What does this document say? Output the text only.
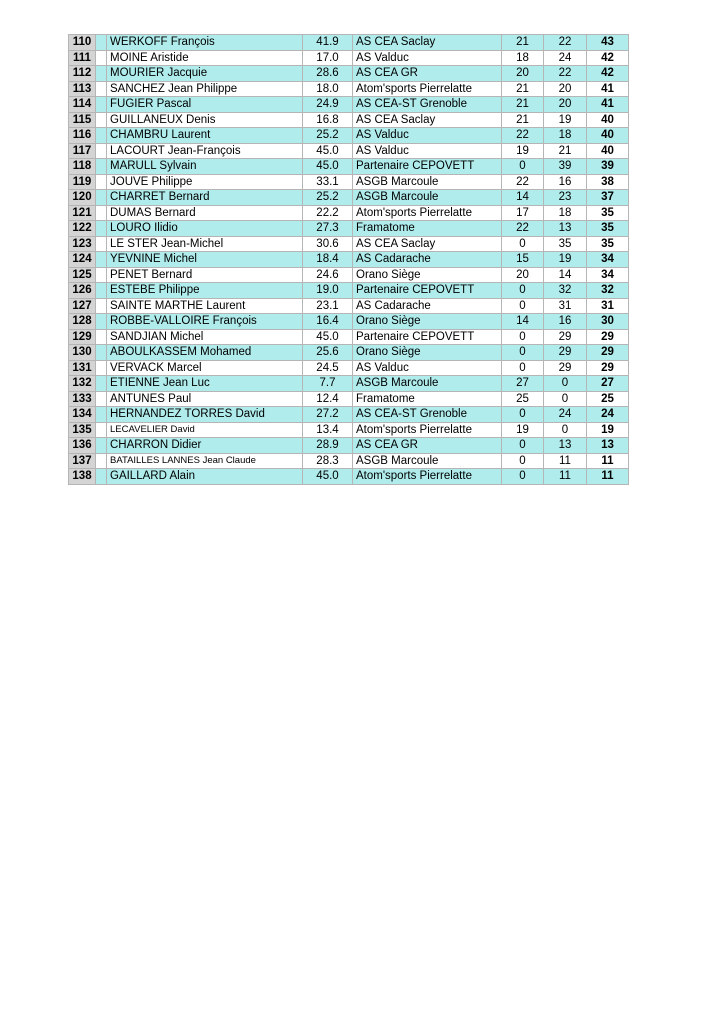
110		WERKOFF François	41.9	AS CEA Saclay	21	22	43
111		MOINE Aristide	17.0	AS Valduc	18	24	42
112		MOURIER Jacquie	28.6	AS CEA GR	20	22	42
113		SANCHEZ Jean Philippe	18.0	Atom'sports Pierrelatte	21	20	41
114		FUGIER Pascal	24.9	AS CEA-ST Grenoble	21	20	41
115		GUILLANEUX Denis	16.8	AS CEA Saclay	21	19	40
116		CHAMBRU Laurent	25.2	AS Valduc	22	18	40
117		LACOURT Jean-François	45.0	AS Valduc	19	21	40
118		MARULL Sylvain	45.0	Partenaire CEPOVETT	0	39	39
119		JOUVE Philippe	33.1	ASGB Marcoule	22	16	38
120		CHARRET Bernard	25.2	ASGB Marcoule	14	23	37
121		DUMAS Bernard	22.2	Atom'sports Pierrelatte	17	18	35
122		LOURO Ilidio	27.3	Framatome	22	13	35
123		LE STER Jean-Michel	30.6	AS CEA Saclay	0	35	35
124		YEVNINE Michel	18.4	AS Cadarache	15	19	34
125		PENET Bernard	24.6	Orano Siège	20	14	34
126		ESTEBE Philippe	19.0	Partenaire CEPOVETT	0	32	32
127		SAINTE MARTHE Laurent	23.1	AS Cadarache	0	31	31
128		ROBBE-VALLOIRE François	16.4	Orano Siège	14	16	30
129		SANDJIAN Michel	45.0	Partenaire CEPOVETT	0	29	29
130		ABOULKASSEM Mohamed	25.6	Orano Siège	0	29	29
131		VERVACK Marcel	24.5	AS Valduc	0	29	29
132		ETIENNE Jean Luc	7.7	ASGB Marcoule	27	0	27
133		ANTUNES Paul	12.4	Framatome	25	0	25
134		HERNANDEZ TORRES David	27.2	AS CEA-ST Grenoble	0	24	24
135		LECAVELIER David	13.4	Atom'sports Pierrelatte	19	0	19
136		CHARRON Didier	28.9	AS CEA GR	0	13	13
137		BATAILLES LANNES Jean Claude	28.3	ASGB Marcoule	0	11	11
138		GAILLARD Alain	45.0	Atom'sports Pierrelatte	0	11	11
